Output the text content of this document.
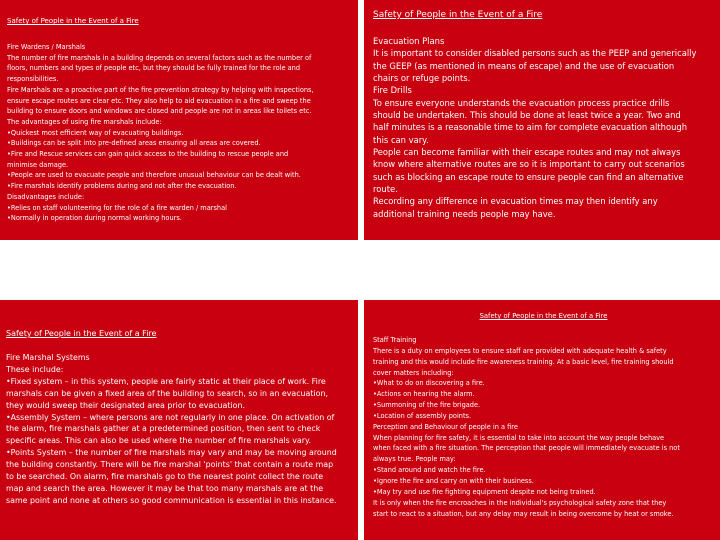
Safety of People in the Event of a Fire

Fire Wardens / Marshals

The number of fire marshals in a building depends on several factors such as the number of

floors, numbers and types of people etc, but they should be fully trained for the role and

responsibilities.

Fire Marshals are a proactive part of the fire prevention strategy by helping with inspections,

ensure escape routes are clear etc. They also help to aid evacuation in a fire and sweep the

building to ensure doors and windows are closed and people are not in areas like toilets etc.

The advantages of using fire marshals include:

•Quickest most efficient way of evacuating buildings.

•Buildings can be split into pre-defined areas ensuring all areas are covered.

•Fire and Rescue services can gain quick access to the building to rescue people and

minimise damage.

•People are used to evacuate people and therefore unusual behaviour can be dealt with.

•Fire marshals identify problems during and not after the evacuation.

Disadvantages include:

•Relies on staff volunteering for the role of a fire warden / marshal

•Normally in operation during normal working hours.

Safety of People in the Event of a Fire

Evacuation Plans

It is important to consider disabled persons such as the PEEP and generically

the GEEP (as mentioned in means of escape) and the use of evacuation

chairs or refuge points.

Fire Drills

To ensure everyone understands the evacuation process practice drills

should be undertaken. This should be done at least twice a year. Two and

half minutes is a reasonable time to aim for complete evacuation although

this can vary.

People can become familiar with their escape routes and may not always

know where alternative routes are so it is important to carry out scenarios

such as blocking an escape route to ensure people can find an alternative

route.

Recording any difference in evacuation times may then identify any

additional training needs people may have.

Safety of People in the Event of a Fire

Fire Marshal Systems

These include:

•Fixed system – in this system, people are fairly static at their place of work. Fire

marshals can be given a fixed area of the building to search, so in an evacuation,

they would sweep their designated area prior to evacuation.

•Assembly System – where persons are not regularly in one place. On activation of

the alarm, fire marshals gather at a predetermined position, then sent to check

specific areas. This can also be used where the number of fire marshals vary.

•Points System – the number of fire marshals may vary and may be moving around

the building constantly. There will be fire marshal 'points' that contain a route map

to be searched. On alarm, fire marshals go to the nearest point collect the route

map and search the area. However it may be that too many marshals are at the

same point and none at others so good communication is essential in this instance.

Safety of People in the Event of a Fire

Staff Training

There is a duty on employees to ensure staff are provided with adequate health & safety

training and this would include fire awareness training. At a basic level, fire training should

cover matters including:

•What to do on discovering a fire.

•Actions on hearing the alarm.

•Summoning of the fire brigade.

•Location of assembly points.

Perception and Behaviour of people in a fire

When planning for fire safety, it is essential to take into account the way people behave

when faced with a fire situation. The perception that people will immediately evacuate is not

always true. People may:

•Stand around and watch the fire.

•Ignore the fire and carry on with their business.

•May try and use fire fighting equipment despite not being trained.

It is only when the fire encroaches in the individual's psychological safety zone that they

start to react to a situation, but any delay may result in being overcome by heat or smoke.
